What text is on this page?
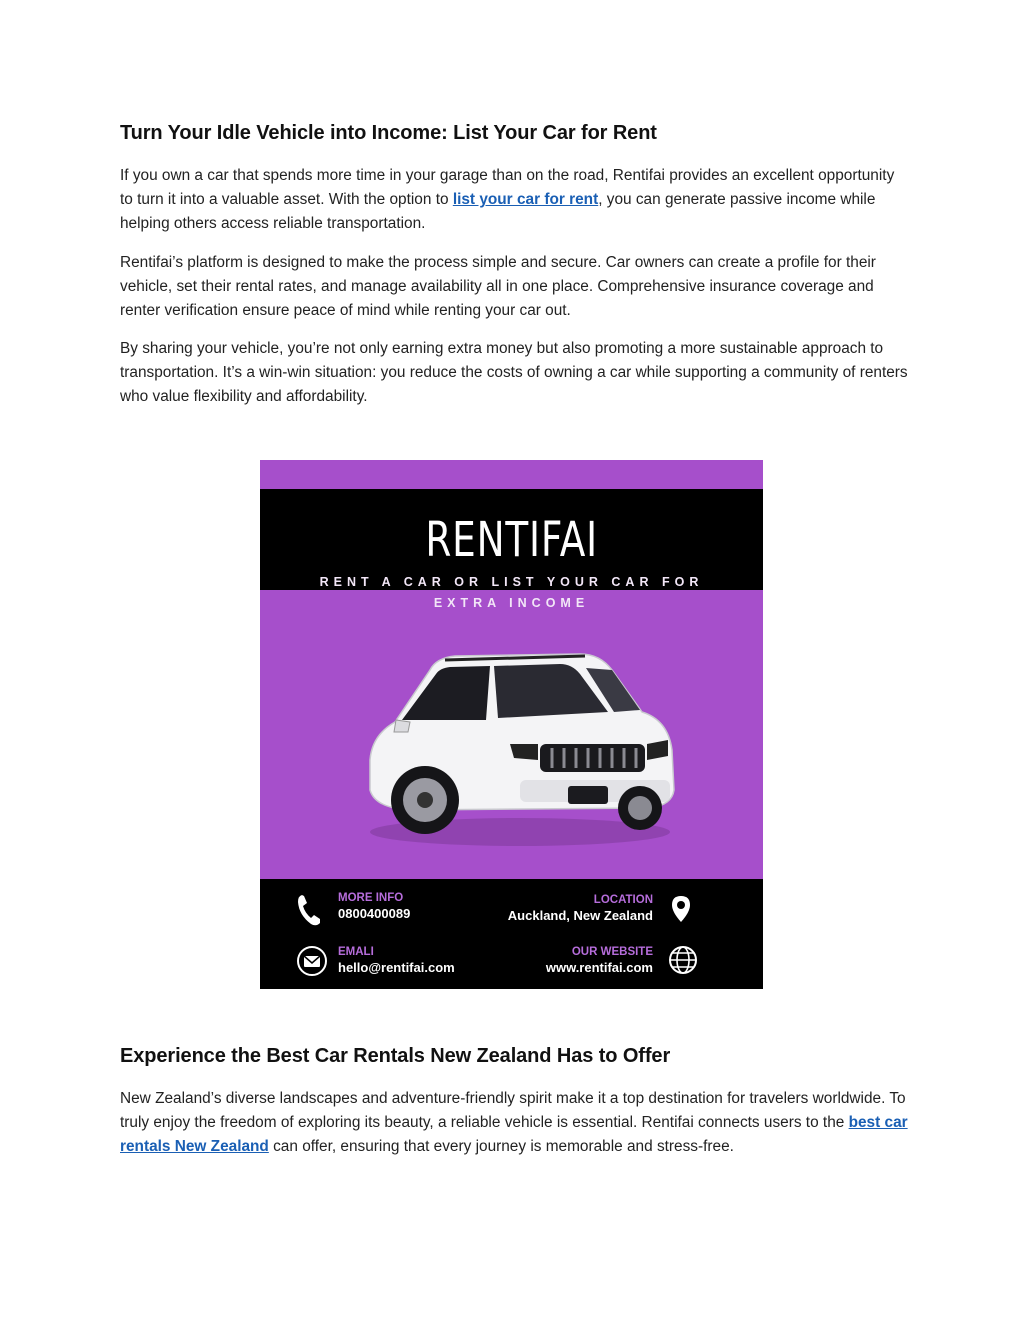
Turn Your Idle Vehicle into Income: List Your Car for Rent

If you own a car that spends more time in your garage than on the road, Rentifai provides an excellent opportunity to turn it into a valuable asset. With the option to list your car for rent, you can generate passive income while helping others access reliable transportation.

Rentifai’s platform is designed to make the process simple and secure. Car owners can create a profile for their vehicle, set their rental rates, and manage availability all in one place. Comprehensive insurance coverage and renter verification ensure peace of mind while renting your car out.

By sharing your vehicle, you’re not only earning extra money but also promoting a more sustainable approach to transportation. It’s a win-win situation: you reduce the costs of owning a car while supporting a community of renters who value flexibility and affordability.

Experience the Best Car Rentals New Zealand Has to Offer

New Zealand’s diverse landscapes and adventure-friendly spirit make it a top destination for travelers worldwide. To truly enjoy the freedom of exploring its beauty, a reliable vehicle is essential. Rentifai connects users to the best car rentals New Zealand can offer, ensuring that every journey is memorable and stress-free.

RENTIFAI
RENT A CAR OR LIST YOUR CAR FOR
EXTRA INCOME
MORE INFO
0800400089
LOCATION
Auckland, New Zealand
EMALI
hello@rentifai.com
OUR WEBSITE
www.rentifai.com
